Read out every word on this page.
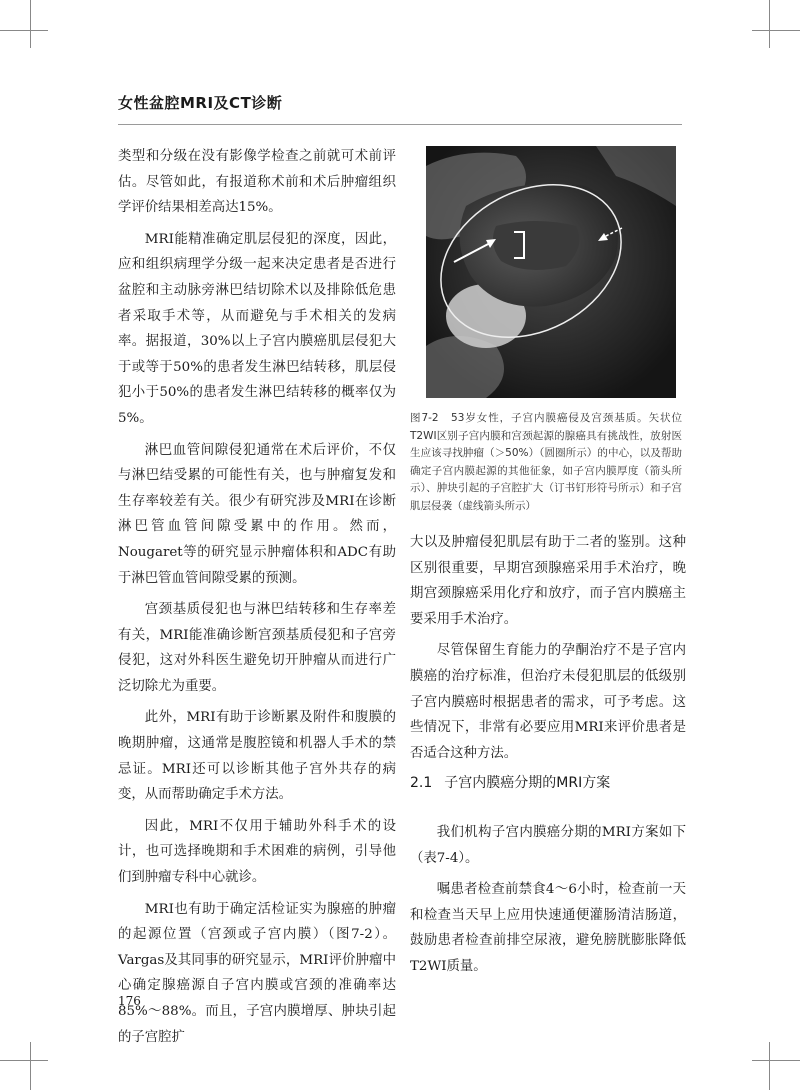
女性盆腔MRI及CT诊断

类型和分级在没有影像学检查之前就可术前评估。尽管如此，有报道称术前和术后肿瘤组织学评价结果相差高达15%。

MRI能精准确定肌层侵犯的深度，因此，应和组织病理学分级一起来决定患者是否进行盆腔和主动脉旁淋巴结切除术以及排除低危患者采取手术等，从而避免与手术相关的发病率。据报道，30%以上子宫内膜癌肌层侵犯大于或等于50%的患者发生淋巴结转移，肌层侵犯小于50%的患者发生淋巴结转移的概率仅为5%。

淋巴血管间隙侵犯通常在术后评价，不仅与淋巴结受累的可能性有关，也与肿瘤复发和生存率较差有关。很少有研究涉及MRI在诊断淋巴管血管间隙受累中的作用。然而，Nougaret等的研究显示肿瘤体积和ADC有助于淋巴管血管间隙受累的预测。

宫颈基质侵犯也与淋巴结转移和生存率差有关，MRI能准确诊断宫颈基质侵犯和子宫旁侵犯，这对外科医生避免切开肿瘤从而进行广泛切除尤为重要。

此外，MRI有助于诊断累及附件和腹膜的晚期肿瘤，这通常是腹腔镜和机器人手术的禁忌证。MRI还可以诊断其他子宫外共存的病变，从而帮助确定手术方法。

因此，MRI不仅用于辅助外科手术的设计，也可选择晚期和手术困难的病例，引导他们到肿瘤专科中心就诊。

MRI也有助于确定活检证实为腺癌的肿瘤的起源位置（宫颈或子宫内膜）（图7-2）。Vargas及其同事的研究显示，MRI评价肿瘤中心确定腺癌源自子宫内膜或宫颈的准确率达85%～88%。而且，子宫内膜增厚、肿块引起的子宫腔扩

图7-2　53岁女性，子宫内膜癌侵及宫颈基质。矢状位T2WI区别子宫内膜和宫颈起源的腺癌具有挑战性，放射医生应该寻找肿瘤（＞50%）（圆圈所示）的中心，以及帮助确定子宫内膜起源的其他征象，如子宫内膜厚度（箭头所示）、肿块引起的子宫腔扩大（订书钉形符号所示）和子宫肌层侵袭（虚线箭头所示）

大以及肿瘤侵犯肌层有助于二者的鉴别。这种区别很重要，早期宫颈腺癌采用手术治疗，晚期宫颈腺癌采用化疗和放疗，而子宫内膜癌主要采用手术治疗。

尽管保留生育能力的孕酮治疗不是子宫内膜癌的治疗标准，但治疗未侵犯肌层的低级别子宫内膜癌时根据患者的需求，可予考虑。这些情况下，非常有必要应用MRI来评价患者是否适合这种方法。

2.1 子宫内膜癌分期的MRI方案

我们机构子宫内膜癌分期的MRI方案如下（表7-4）。

嘱患者检查前禁食4～6小时，检查前一天和检查当天早上应用快速通便灌肠清洁肠道，鼓励患者检查前排空尿液，避免膀胱膨胀降低T2WI质量。

176
